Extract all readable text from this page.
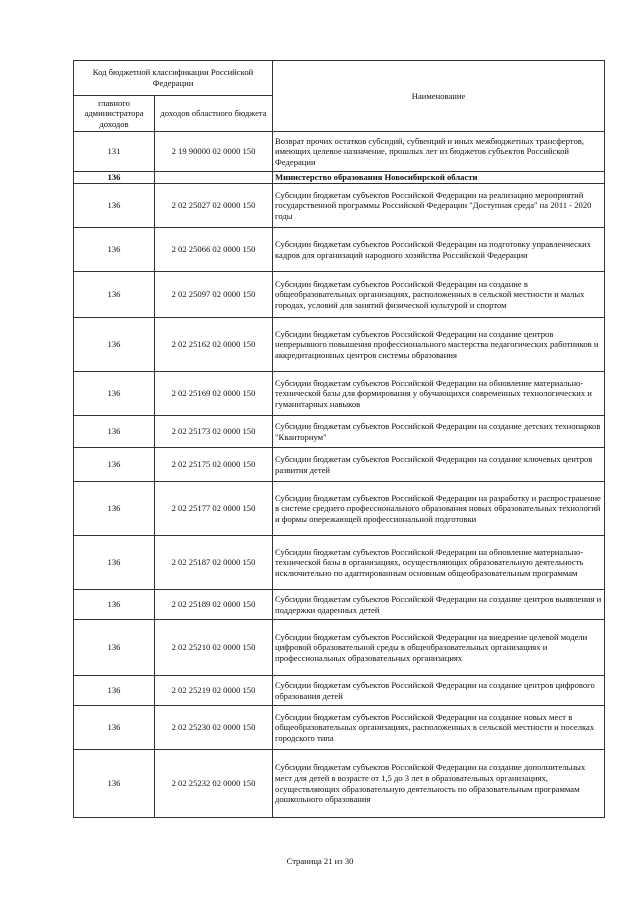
Код бюджетной классификации Российской Федерации		Наименование
главного администратора доходов	доходов областного бюджета	
131	2 19 90000 02 0000 150	Возврат прочих остатков субсидий, субвенций и иных межбюджетных трансфертов, имеющих целевое назначение, прошлых лет из бюджетов субъектов Российской Федерации
136		Министерство образования Новосибирской области
136	2 02 25027 02 0000 150	Субсидии бюджетам субъектов Российской Федерации на реализацию мероприятий государственной программы Российской Федерации "Доступная среда" на 2011 - 2020 годы
136	2 02 25066 02 0000 150	Субсидии бюджетам субъектов Российской Федерации на подготовку управленческих кадров для организаций народного хозяйства Российской Федерации
136	2 02 25097 02 0000 150	Субсидии бюджетам субъектов Российской Федерации на создание в общеобразовательных организациях, расположенных в сельской местности и малых городах, условий для занятий физической культурой и спортом
136	2 02 25162 02 0000 150	Субсидии бюджетам субъектов Российской Федерации на создание центров непрерывного повышения профессионального мастерства педагогических работников и аккредитационных центров системы образования
136	2 02 25169 02 0000 150	Субсидии бюджетам субъектов Российской Федерации на обновление материально-технической базы для формирования у обучающихся современных технологических и гуманитарных навыков
136	2 02 25173 02 0000 150	Субсидии бюджетам субъектов Российской Федерации на создание детских технопарков "Кванториум"
136	2 02 25175 02 0000 150	Субсидии бюджетам субъектов Российской Федерации на создание ключевых центров развития детей
136	2 02 25177 02 0000 150	Субсидии бюджетам субъектов Российской Федерации на разработку и распространение в системе среднего профессионального образования новых образовательных технологий и формы опережающей профессиональной подготовки
136	2 02 25187 02 0000 150	Субсидии бюджетам субъектов Российской Федерации на обновление материально-технической базы в организациях, осуществляющих образовательную деятельность исключительно по адаптированным основным общеобразовательным программам
136	2 02 25189 02 0000 150	Субсидии бюджетам субъектов Российской Федерации на создание центров выявления и поддержки одаренных детей
136	2 02 25210 02 0000 150	Субсидии бюджетам субъектов Российской Федерации на внедрение целевой модели цифровой образовательной среды в общеобразовательных организациях и профессиональных образовательных организациях
136	2 02 25219 02 0000 150	Субсидии бюджетам субъектов Российской Федерации на создание центров цифрового образования детей
136	2 02 25230 02 0000 150	Субсидии бюджетам субъектов Российской Федерации на создание новых мест в общеобразовательных организациях, расположенных в сельской местности и поселках городского типа
136	2 02 25232 02 0000 150	Субсидии бюджетам субъектов Российской Федерации на создание дополнительных мест для детей в возрасте от 1,5 до 3 лет в образовательных организациях, осуществляющих образовательную деятельность по образовательным программам дошкольного образования
Страница 21 из 30
